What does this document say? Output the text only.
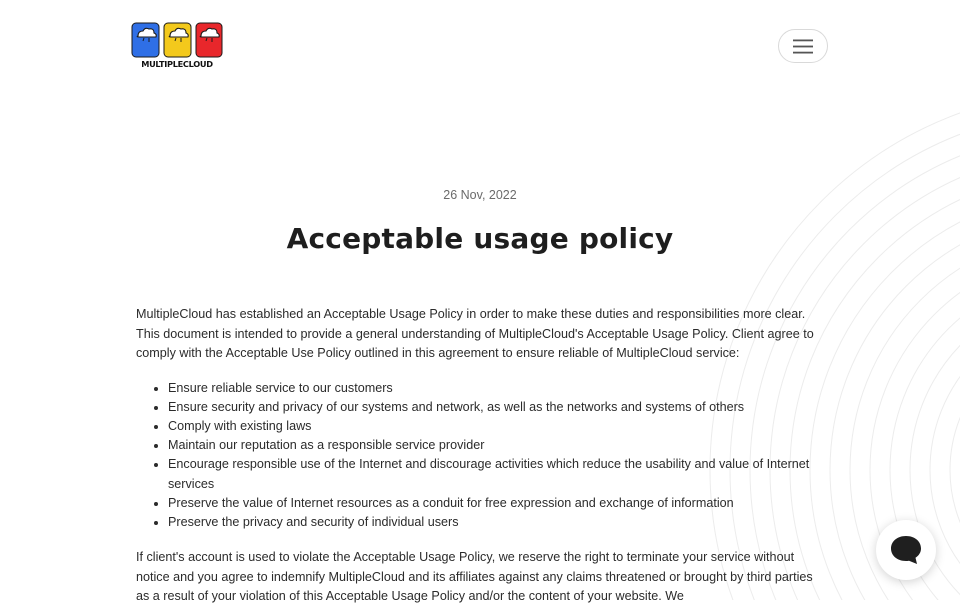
MULTIPLECLOUD
26 Nov, 2022
Acceptable usage policy

MultipleCloud has established an Acceptable Usage Policy in order to make these duties and responsibilities more clear. This document is intended to provide a general understanding of MultipleCloud's Acceptable Usage Policy. Client agree to comply with the Acceptable Use Policy outlined in this agreement to ensure reliable of MultipleCloud service:

• Ensure reliable service to our customers
• Ensure security and privacy of our systems and network, as well as the networks and systems of others
• Comply with existing laws
• Maintain our reputation as a responsible service provider
• Encourage responsible use of the Internet and discourage activities which reduce the usability and value of Internet services
• Preserve the value of Internet resources as a conduit for free expression and exchange of information
• Preserve the privacy and security of individual users

If client's account is used to violate the Acceptable Usage Policy, we reserve the right to terminate your service without notice and you agree to indemnify MultipleCloud and its affiliates against any claims threatened or brought by third parties as a result of your violation of this Acceptable Usage Policy and/or the content of your website. We
